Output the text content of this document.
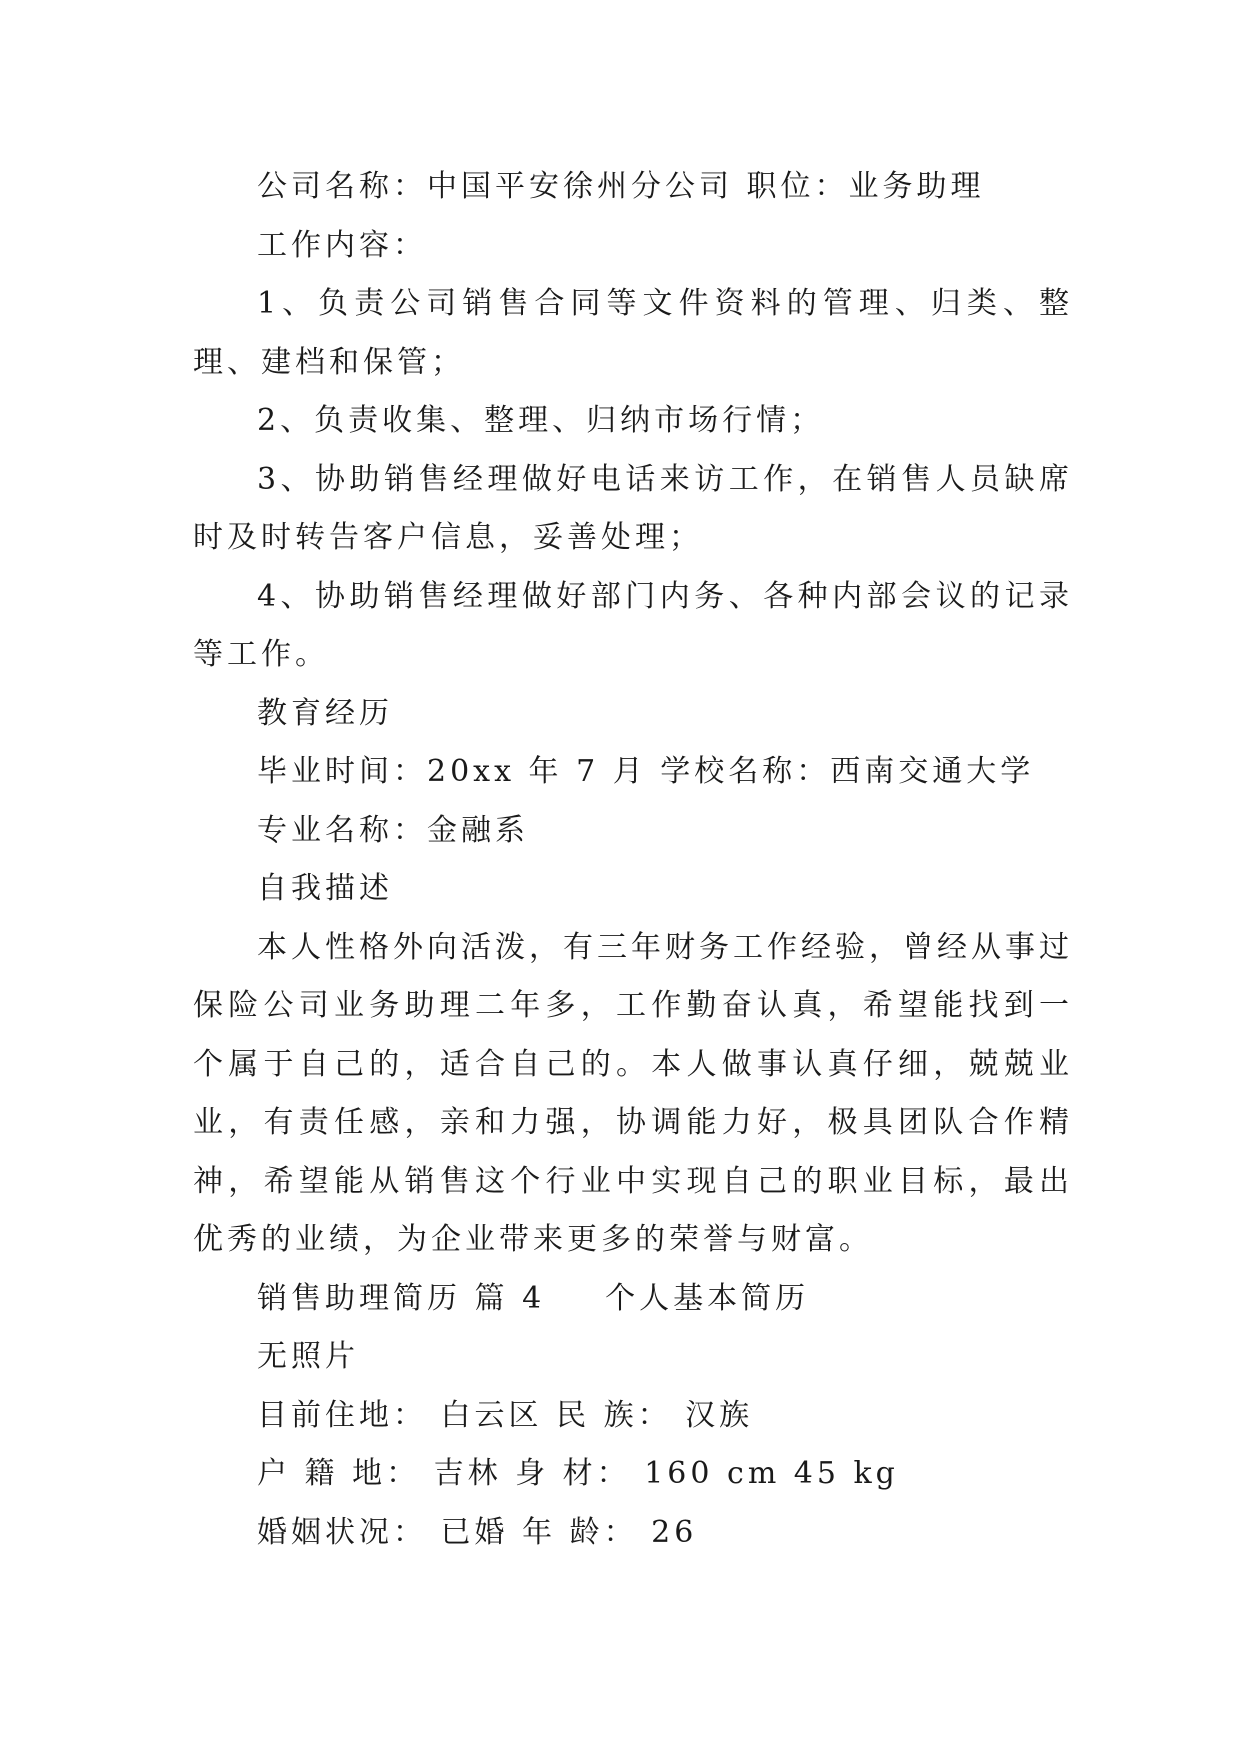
公司名称：中国平安徐州分公司 职位：业务助理

工作内容：

1、负责公司销售合同等文件资料的管理、归类、整理、建档和保管；

2、负责收集、整理、归纳市场行情；

3、协助销售经理做好电话来访工作，在销售人员缺席时及时转告客户信息，妥善处理；

4、协助销售经理做好部门内务、各种内部会议的记录等工作。

教育经历

毕业时间：20xx 年 7 月 学校名称：西南交通大学

专业名称：金融系

自我描述

本人性格外向活泼，有三年财务工作经验，曾经从事过保险公司业务助理二年多，工作勤奋认真，希望能找到一个属于自己的，适合自己的。本人做事认真仔细，兢兢业业，有责任感，亲和力强，协调能力好，极具团队合作精神，希望能从销售这个行业中实现自己的职业目标，最出优秀的业绩，为企业带来更多的荣誉与财富。

销售助理简历 篇 4 个人基本简历

无照片

目前住地： 白云区 民 族： 汉族

户 籍 地： 吉林 身 材： 160 cm 45 kg

婚姻状况： 已婚 年 龄： 26
